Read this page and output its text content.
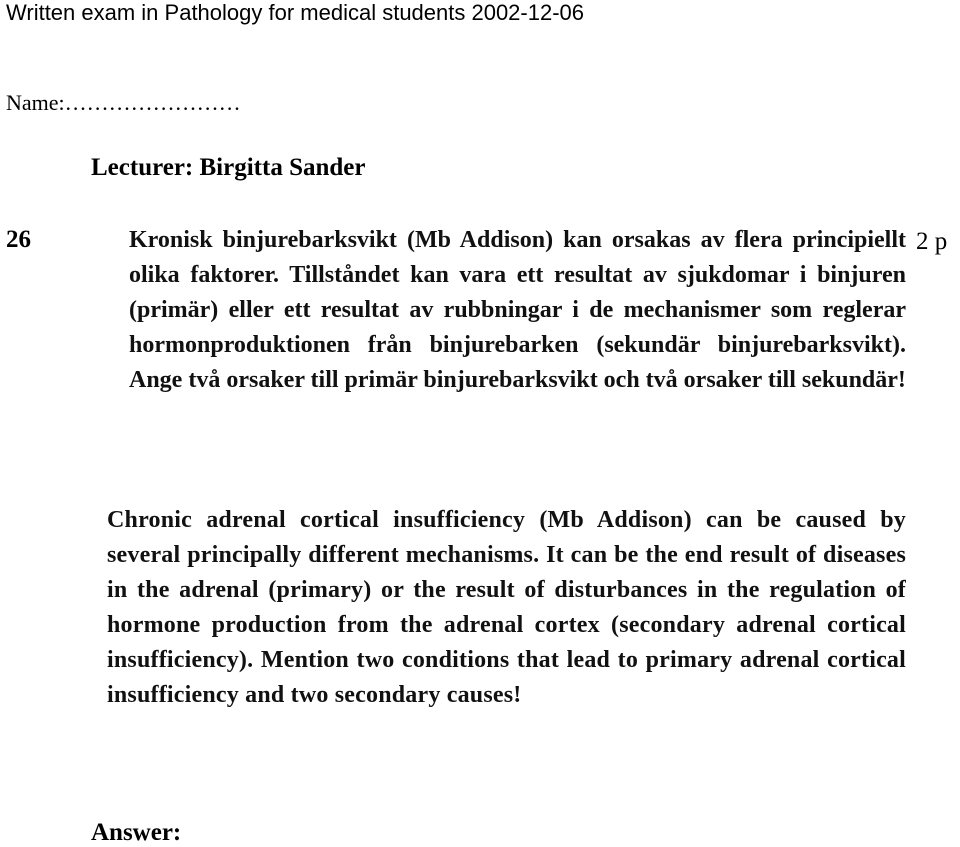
Written exam in Pathology for medical students 2002-12-06
Name:……………………
Lecturer: Birgitta Sander
26	2 p
Kronisk binjurebarksvikt (Mb Addison) kan orsakas av flera principiellt olika faktorer. Tillståndet kan vara ett resultat av sjukdomar i binjuren (primär) eller ett resultat av rubbningar i de mechanismer som reglerar hormonproduktionen från binjurebarken (sekundär binjurebarksvikt). Ange två orsaker till primär binjurebarksvikt och två orsaker till sekundär!
Chronic adrenal cortical insufficiency (Mb Addison) can be caused by several principally different mechanisms. It can be the end result of diseases in the adrenal (primary) or the result of disturbances in the regulation of hormone production from the adrenal cortex (secondary adrenal cortical insufficiency). Mention two conditions that lead to primary adrenal cortical insufficiency and two secondary causes!
Answer:
